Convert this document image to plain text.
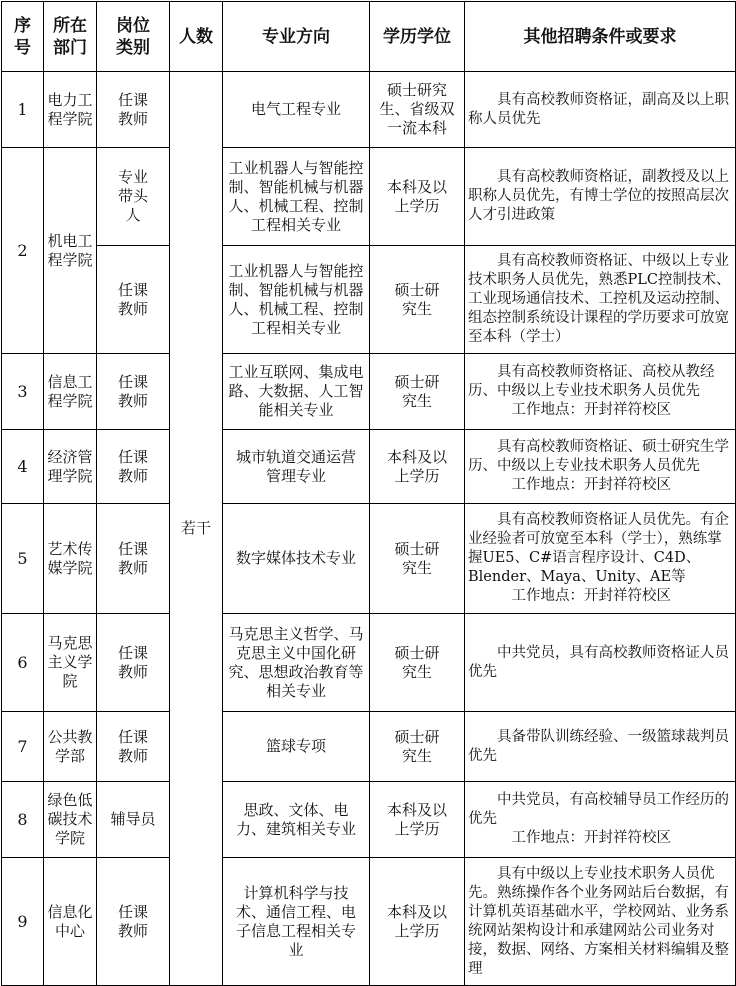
序号	所在部门	岗位类别	人数	专业方向	学历学位	其他招聘条件或要求
1	电力工程学院	任课教师	若干	电气工程专业	硕士研究生、省级双一流本科	具有高校教师资格证，副高及以上职称人员优先

2	机电工程学院	专业带头人		工业机器人与智能控制、智能机械与机器人、机械工程、控制工程相关专业	本科及以上学历	具有高校教师资格证，副教授及以上职称人员优先，有博士学位的按照高层次人才引进政策

		任课教师		工业机器人与智能控制、智能机械与机器人、机械工程、控制工程相关专业	硕士研究生	具有高校教师资格证、中级以上专业技术职务人员优先，熟悉PLC控制技术、工业现场通信技术、工控机及运动控制、组态控制系统设计课程的学历要求可放宽至本科（学士）

3	信息工程学院	任课教师		工业互联网、集成电路、大数据、人工智能相关专业	硕士研究生	具有高校教师资格证、高校从教经历、中级以上专业技术职务人员优先
工作地点：开封祥符校区

4	经济管理学院	任课教师		城市轨道交通运营管理专业	本科及以上学历	具有高校教师资格证、硕士研究生学历、中级以上专业技术职务人员优先
工作地点：开封祥符校区

5	艺术传媒学院	任课教师		数字媒体技术专业	硕士研究生	具有高校教师资格证人员优先。有企业经验者可放宽至本科（学士），熟练掌握UE5、C#语言程序设计、C4D、Blender、Maya、Unity、AE等
工作地点：开封祥符校区

6	马克思主义学院	任课教师		马克思主义哲学、马克思主义中国化研究、思想政治教育等相关专业	硕士研究生	中共党员，具有高校教师资格证人员优先

7	公共教学部	任课教师		篮球专项	硕士研究生	具备带队训练经验、一级篮球裁判员优先

8	绿色低碳技术学院	辅导员		思政、文体、电力、建筑相关专业	本科及以上学历	中共党员，有高校辅导员工作经历的优先
工作地点：开封祥符校区

9	信息化中心	任课教师		计算机科学与技术、通信工程、电子信息工程相关专业	本科及以上学历	具有中级以上专业技术职务人员优先。熟练操作各个业务网站后台数据，有计算机英语基础水平，学校网站、业务系统网站架构设计和承建网站公司业务对接，数据、网络、方案相关材料编辑及整理
